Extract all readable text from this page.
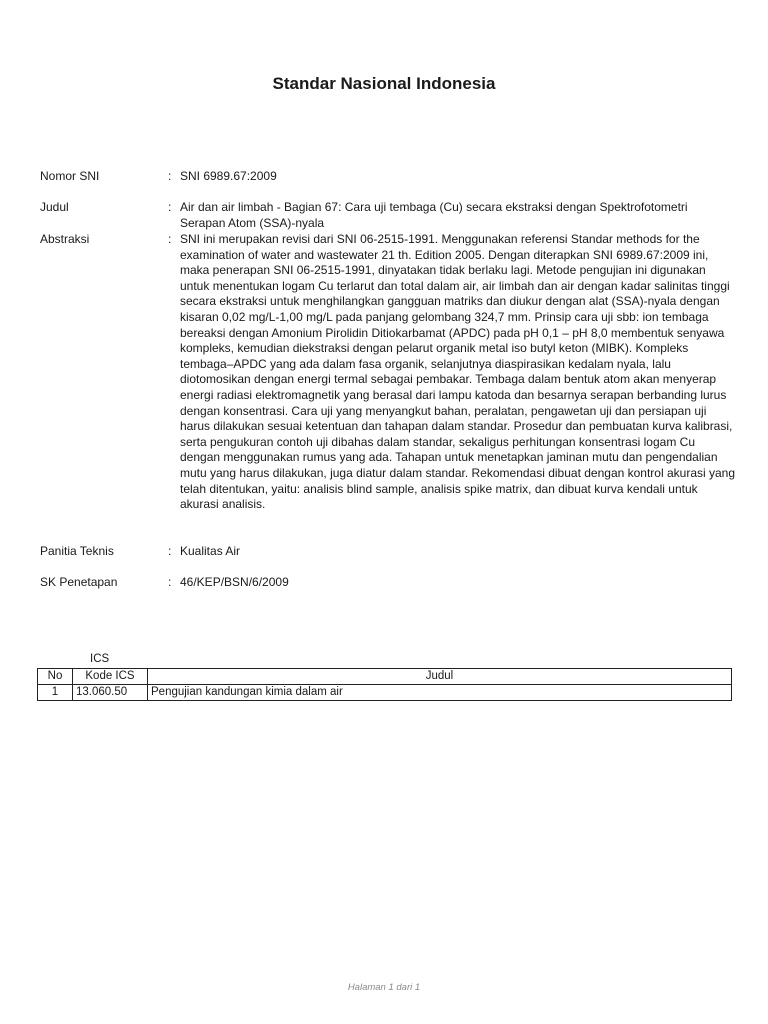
Standar Nasional Indonesia
Nomor SNI	: SNI 6989.67:2009
Judul	: Air dan air limbah - Bagian 67: Cara uji tembaga (Cu) secara ekstraksi dengan Spektrofotometri Serapan Atom (SSA)-nyala
Abstraksi	: SNI ini merupakan revisi dari SNI 06-2515-1991. Menggunakan referensi Standar methods for the examination of water and wastewater 21 th. Edition 2005. Dengan diterapkan SNI 6989.67:2009 ini, maka penerapan SNI 06-2515-1991, dinyatakan tidak berlaku lagi. Metode pengujian ini digunakan untuk menentukan logam Cu terlarut dan total dalam air, air limbah dan air dengan kadar salinitas tinggi secara ekstraksi untuk menghilangkan gangguan matriks dan diukur dengan alat (SSA)-nyala dengan kisaran 0,02 mg/L-1,00 mg/L pada panjang gelombang 324,7 mm. Prinsip cara uji sbb: ion tembaga bereaksi dengan Amonium Pirolidin Ditiokarbamat (APDC) pada pH 0,1 – pH 8,0 membentuk senyawa kompleks, kemudian diekstraksi dengan pelarut organik metal iso butyl keton (MIBK). Kompleks tembaga–APDC yang ada dalam fasa organik, selanjutnya diaspirasikan kedalam nyala, lalu diotomosikan dengan energi termal sebagai pembakar. Tembaga dalam bentuk atom akan menyerap energi radiasi elektromagnetik yang berasal dari lampu katoda dan besarnya serapan berbanding lurus dengan konsentrasi. Cara uji yang menyangkut bahan, peralatan, pengawetan uji dan persiapan uji harus dilakukan sesuai ketentuan dan tahapan dalam standar. Prosedur dan pembuatan kurva kalibrasi, serta pengukuran contoh uji dibahas dalam standar, sekaligus perhitungan konsentrasi logam Cu dengan menggunakan rumus yang ada. Tahapan untuk menetapkan jaminan mutu dan pengendalian mutu yang harus dilakukan, juga diatur dalam standar. Rekomendasi dibuat dengan kontrol akurasi yang telah ditentukan, yaitu: analisis blind sample, analisis spike matrix, dan dibuat kurva kendali untuk akurasi analisis.
Panitia Teknis	: Kualitas Air
SK Penetapan	: 46/KEP/BSN/6/2009
ICS
No	Kode ICS	Judul
1	13.060.50	Pengujian kandungan kimia dalam air
Halaman 1 dari 1
